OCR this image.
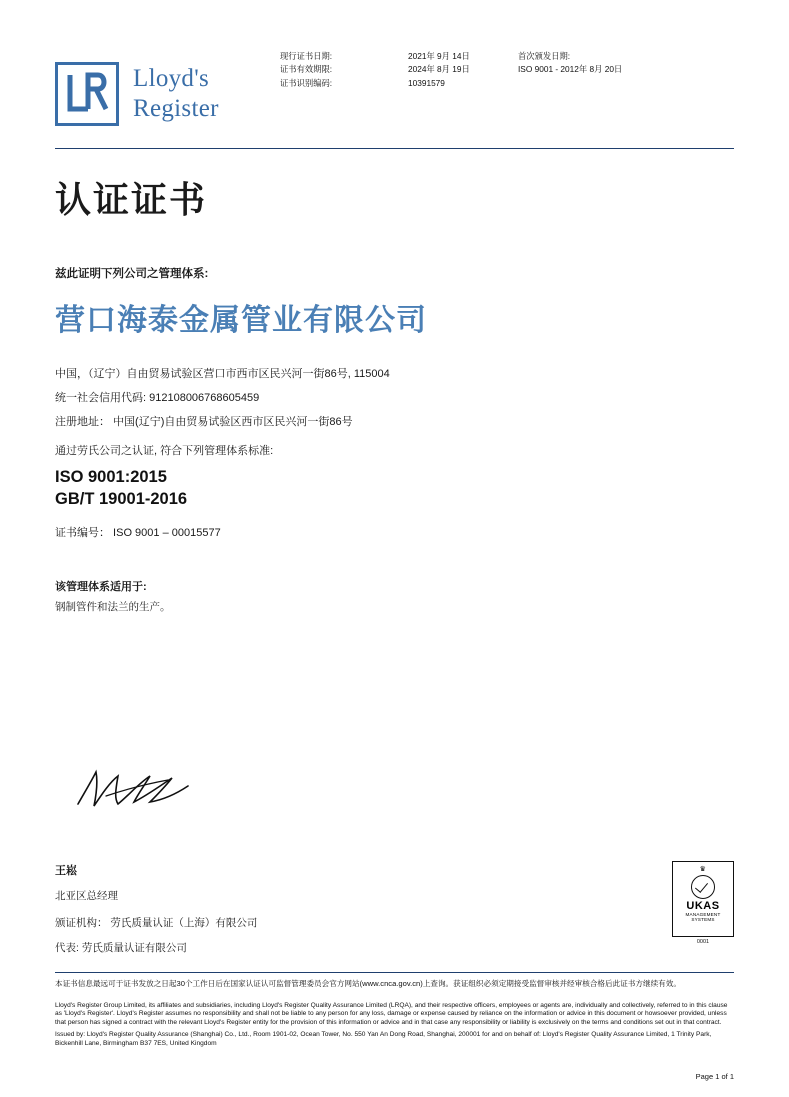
Lloyd's
Register
现行证书日期:	2021年 9月 14日	首次颁发日期:
证书有效期限:	2024年 8月 19日	ISO 9001 - 2012年 8月 20日
证书识别编码:	10391579
认证证书
兹此证明下列公司之管理体系:
营口海泰金属管业有限公司
中国，（辽宁）自由贸易试验区营口市西市区民兴河一街86号, 115004
统一社会信用代码: 912108006768605459
注册地址： 中国(辽宁)自由贸易试验区西市区民兴河一街86号
通过劳氏公司之认证, 符合下列管理体系标准:
ISO 9001:2015
GB/T 19001-2016
证书编号： ISO 9001 – 00015577
该管理体系适用于:
钢制管件和法兰的生产。
王崧
北亚区总经理
颁证机构： 劳氏质量认证（上海）有限公司
代表: 劳氏质量认证有限公司
♛
UKAS
MANAGEMENT
SYSTEMS
0001
本证书信息最远可于证书发放之日起30个工作日后在国家认证认可监督管理委员会官方网站(www.cnca.gov.cn)上查询。获证组织必须定期接受监督审核并经审核合格后此证书方继续有效。

Lloyd's Register Group Limited, its affiliates and subsidiaries, including Lloyd's Register Quality Assurance Limited (LRQA), and their respective officers, employees or agents are, individually and collectively, referred to in this clause as 'Lloyd's Register'. Lloyd's Register assumes no responsibility and shall not be liable to any person for any loss, damage or expense caused by reliance on the information or advice in this document or howsoever provided, unless that person has signed a contract with the relevant Lloyd's Register entity for the provision of this information or advice and in that case any responsibility or liability is exclusively on the terms and conditions set out in that contract.

Issued by: Lloyd's Register Quality Assurance (Shanghai) Co., Ltd., Room 1901-02, Ocean Tower, No. 550 Yan An Dong Road, Shanghai, 200001 for and on behalf of: Lloyd's Register Quality Assurance Limited, 1 Trinity Park, Bickenhill Lane, Birmingham B37 7ES, United Kingdom

Page 1 of 1
